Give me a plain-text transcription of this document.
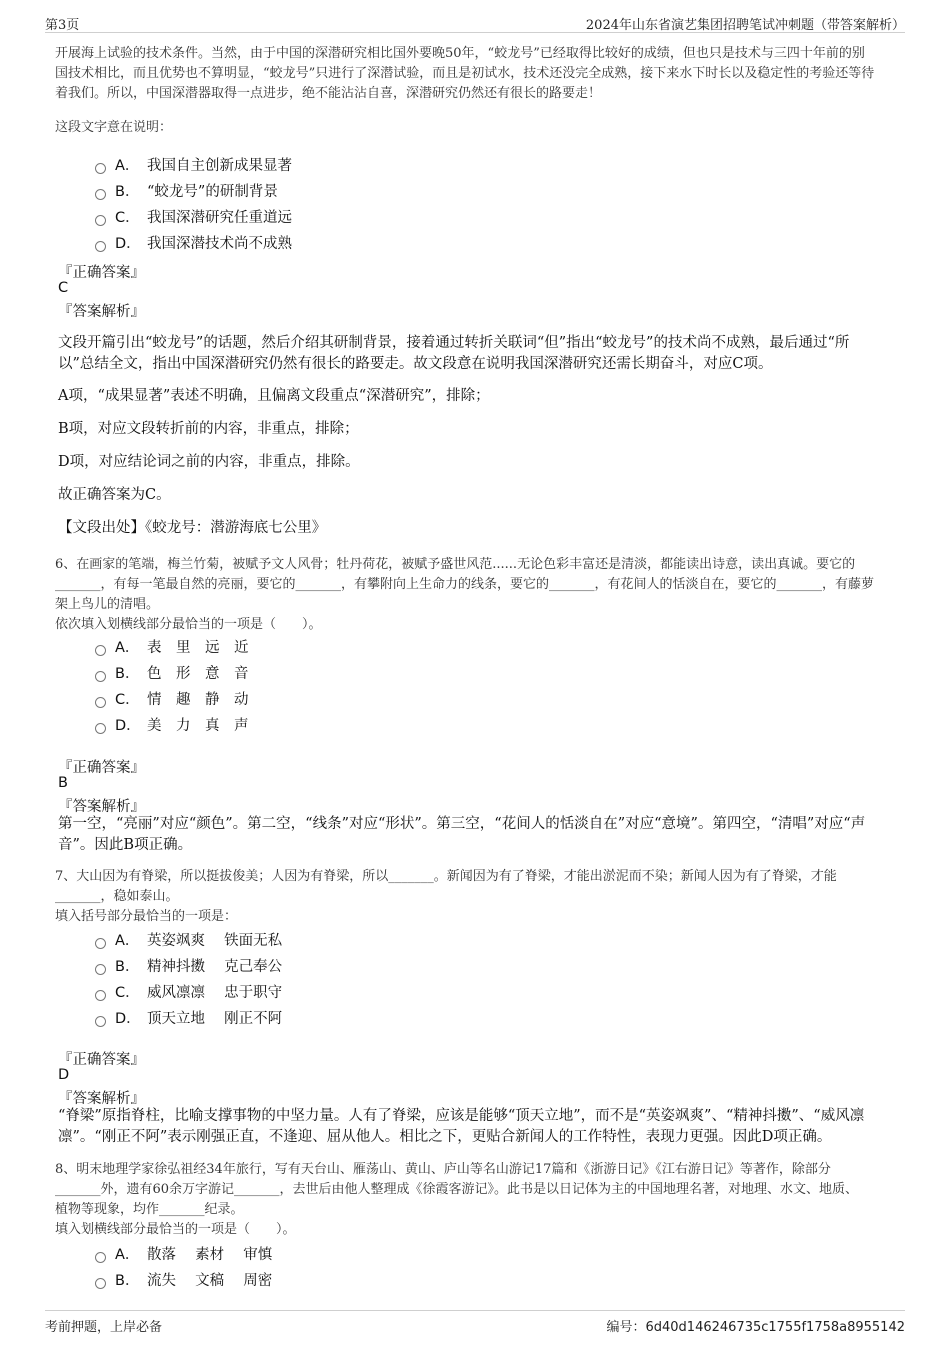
第3页	2024年山东省演艺集团招聘笔试冲刺题（带答案解析）
开展海上试验的技术条件。当然，由于中国的深潜研究相比国外要晚50年，“蛟龙号”已经取得比较好的成绩，但也只是技术与三四十年前的别
国技术相比，而且优势也不算明显，“蛟龙号”只进行了深潜试验，而且是初试水，技术还没完全成熟，接下来水下时长以及稳定性的考验还等待
着我们。所以，中国深潜器取得一点进步，绝不能沾沾自喜，深潜研究仍然还有很长的路要走！
这段文字意在说明：
A． 我国自主创新成果显著
B． “蛟龙号”的研制背景
C． 我国深潜研究任重道远
D． 我国深潜技术尚不成熟
『正确答案』
C
『答案解析』
文段开篇引出“蛟龙号”的话题，然后介绍其研制背景，接着通过转折关联词“但”指出“蛟龙号”的技术尚不成熟，最后通过“所
以”总结全文，指出中国深潜研究仍然有很长的路要走。故文段意在说明我国深潜研究还需长期奋斗，对应C项。
A项，“成果显著”表述不明确，且偏离文段重点“深潜研究”，排除；
B项，对应文段转折前的内容，非重点，排除；
D项，对应结论词之前的内容，非重点，排除。
故正确答案为C。
【文段出处】《蛟龙号：潜游海底七公里》
6、在画家的笔端，梅兰竹菊，被赋予文人风骨；牡丹荷花，被赋予盛世风范......无论色彩丰富还是清淡，都能读出诗意，读出真诚。要它的
_______，有每一笔最自然的亮丽，要它的_______，有攀附向上生命力的线条，要它的_______，有花间人的恬淡自在，要它的_______，有藤萝
架上鸟儿的清唱。
依次填入划横线部分最恰当的一项是（　　）。
A． 表　里　远　近
B． 色　形　意　音
C． 情　趣　静　动
D． 美　力　真　声
『正确答案』
B
『答案解析』
第一空，“亮丽”对应“颜色”。第二空，“线条”对应“形状”。第三空，“花间人的恬淡自在”对应“意境”。第四空，“清唱”对应“声
音”。因此B项正确。
7、大山因为有脊梁，所以挺拔俊美；人因为有脊梁，所以_______。新闻因为有了脊梁，才能出淤泥而不染；新闻人因为有了脊梁，才能
_______，稳如泰山。
填入括号部分最恰当的一项是：
A． 英姿飒爽　 铁面无私
B． 精神抖擞　 克己奉公
C． 威风凛凛　 忠于职守
D． 顶天立地　 刚正不阿
『正确答案』
D
『答案解析』
“脊梁”原指脊柱，比喻支撑事物的中坚力量。人有了脊梁，应该是能够“顶天立地”，而不是“英姿飒爽”、“精神抖擞”、“威风凛
凛”。“刚正不阿”表示刚强正直，不逢迎、屈从他人。相比之下，更贴合新闻人的工作特性，表现力更强。因此D项正确。
8、明末地理学家徐弘祖经34年旅行，写有天台山、雁荡山、黄山、庐山等名山游记17篇和《浙游日记》《江右游日记》等著作，除部分
_______外，遗有60余万字游记_______，去世后由他人整理成《徐霞客游记》。此书是以日记体为主的中国地理名著，对地理、水文、地质、
植物等现象，均作_______纪录。
填入划横线部分最恰当的一项是（　　）。
A． 散落　 素材　 审慎
B． 流失　 文稿　 周密
考前押题，上岸必备	编号：6d40d146246735c1755f1758a8955142
